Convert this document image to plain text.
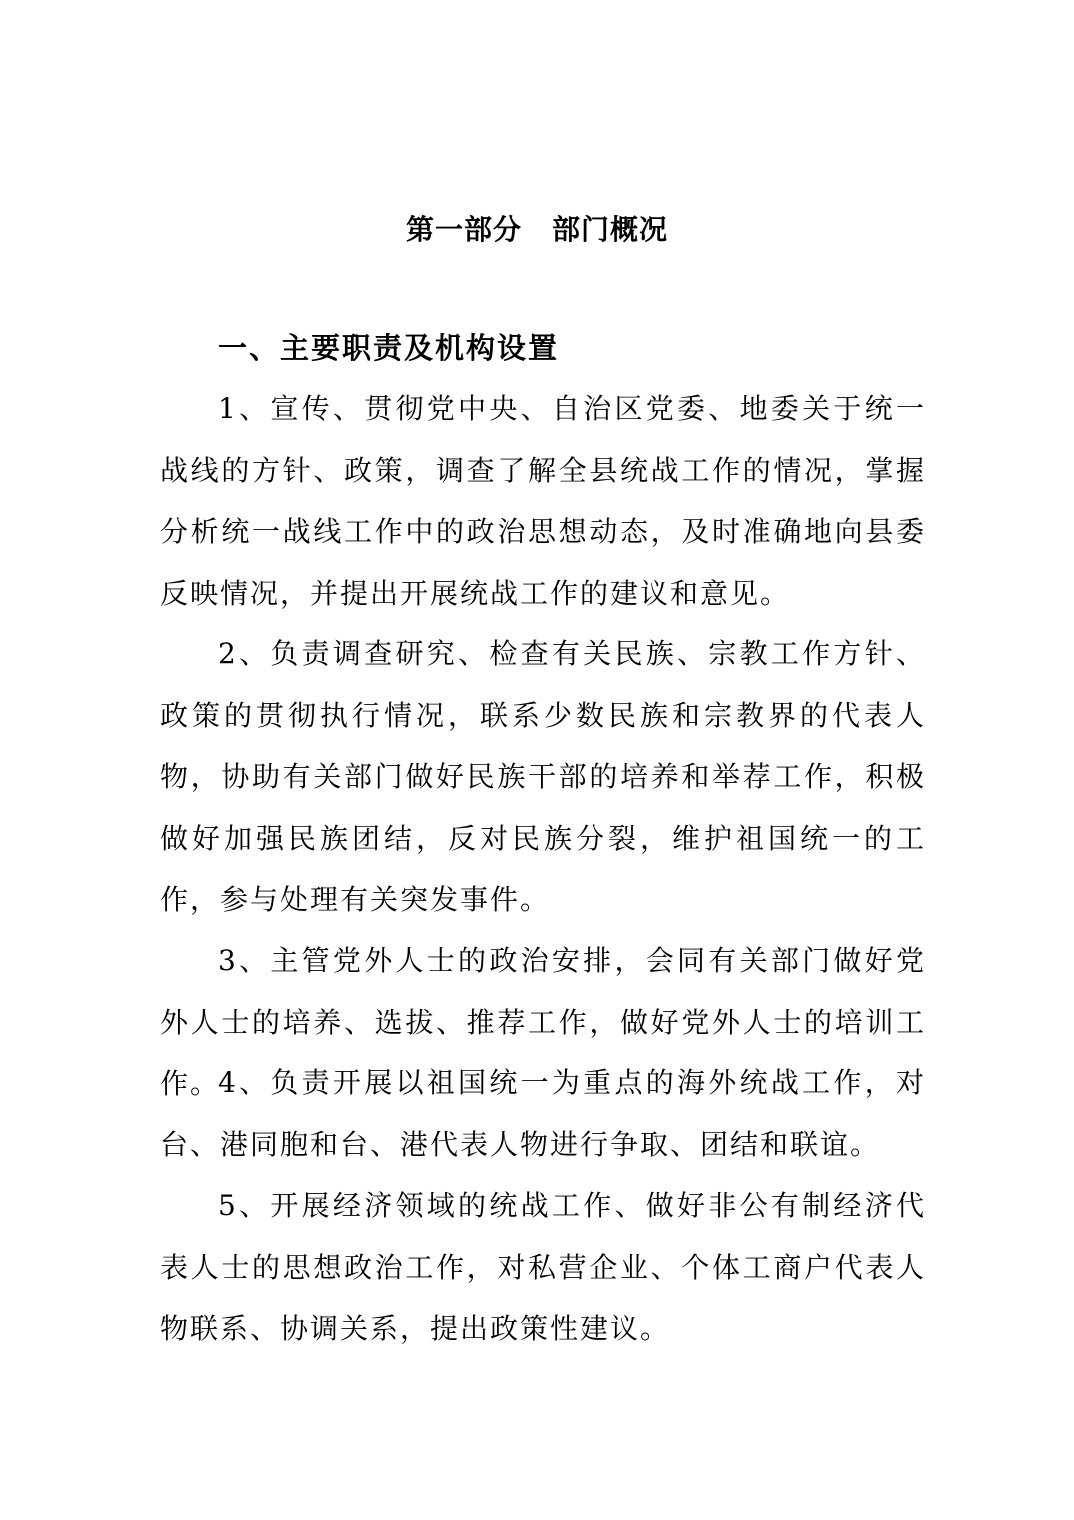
第一部分 部门概况
一、主要职责及机构设置
1、宣传、贯彻党中央、自治区党委、地委关于统一战线的方针、政策，调查了解全县统战工作的情况，掌握分析统一战线工作中的政治思想动态，及时准确地向县委反映情况，并提出开展统战工作的建议和意见。
2、负责调查研究、检查有关民族、宗教工作方针、政策的贯彻执行情况，联系少数民族和宗教界的代表人物，协助有关部门做好民族干部的培养和举荐工作，积极做好加强民族团结，反对民族分裂，维护祖国统一的工作，参与处理有关突发事件。
3、主管党外人士的政治安排，会同有关部门做好党外人士的培养、选拔、推荐工作，做好党外人士的培训工作。
4、负责开展以祖国统一为重点的海外统战工作，对台、港同胞和台、港代表人物进行争取、团结和联谊。
5、开展经济领域的统战工作、做好非公有制经济代表人士的思想政治工作，对私营企业、个体工商户代表人物联系、协调关系，提出政策性建议。
